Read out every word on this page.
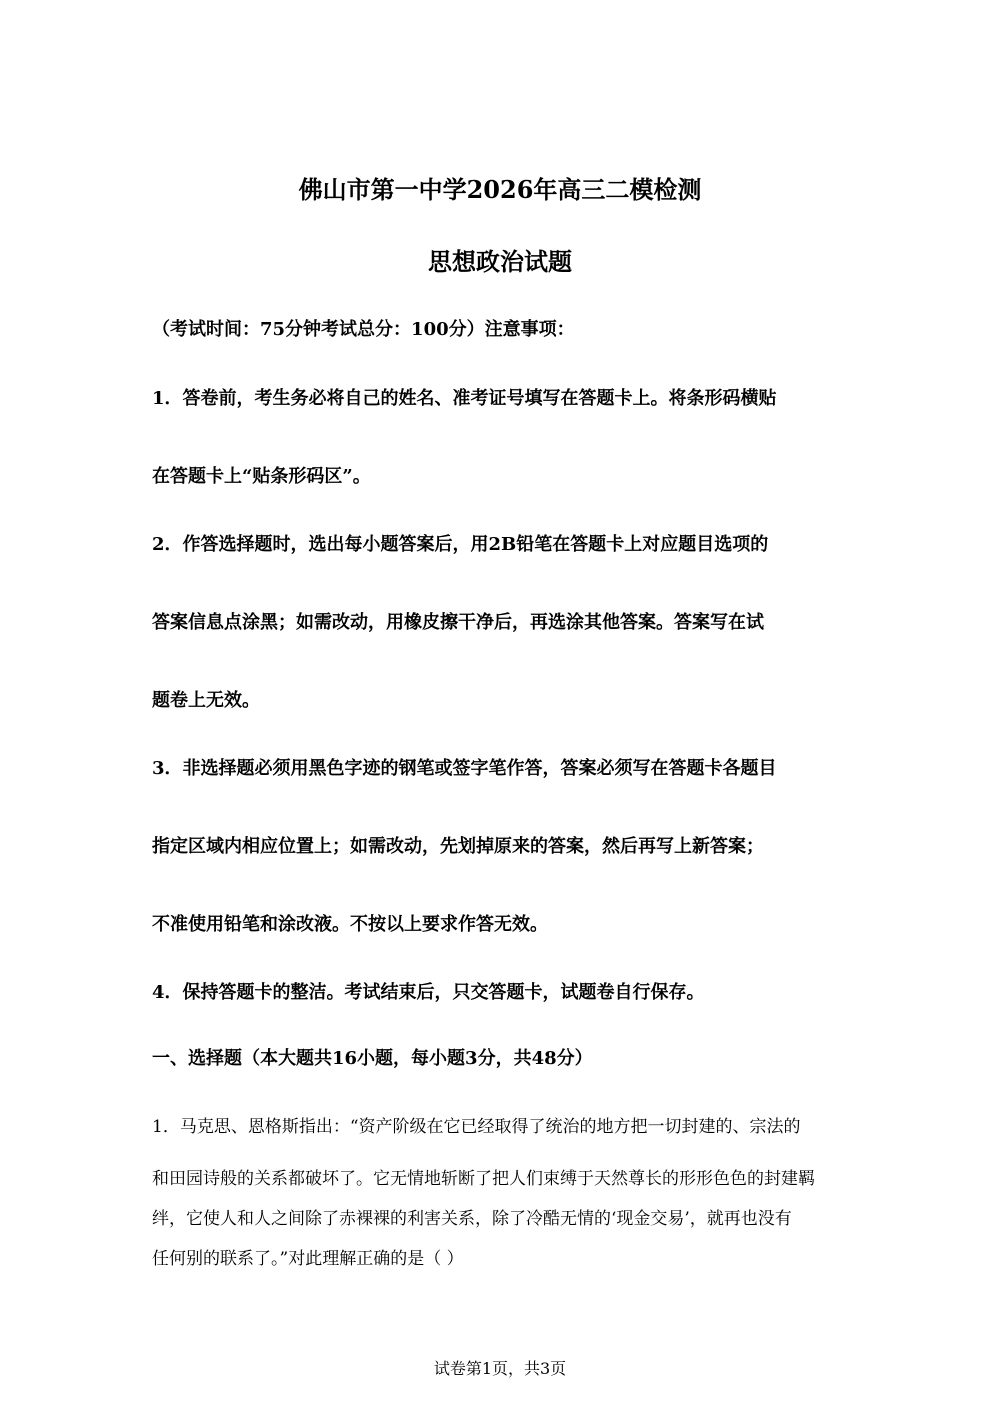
佛山市第一中学2026年高三二模检测
思想政治试题
（考试时间：75分钟考试总分：100分）注意事项：
1．答卷前，考生务必将自己的姓名、准考证号填写在答题卡上。将条形码横贴
在答题卡上“贴条形码区”。
2．作答选择题时，选出每小题答案后，用2B铅笔在答题卡上对应题目选项的
答案信息点涂黑；如需改动，用橡皮擦干净后，再选涂其他答案。答案写在试
题卷上无效。
3．非选择题必须用黑色字迹的钢笔或签字笔作答，答案必须写在答题卡各题目
指定区域内相应位置上；如需改动，先划掉原来的答案，然后再写上新答案；
不准使用铅笔和涂改液。不按以上要求作答无效。
4．保持答题卡的整洁。考试结束后，只交答题卡，试题卷自行保存。
一、选择题（本大题共16小题，每小题3分，共48分）
1．马克思、恩格斯指出：“资产阶级在它已经取得了统治的地方把一切封建的、宗法的
和田园诗般的关系都破坏了。它无情地斩断了把人们束缚于天然尊长的形形色色的封建羁
绊，它使人和人之间除了赤裸裸的利害关系，除了冷酷无情的‘现金交易’，就再也没有
任何别的联系了。”对此理解正确的是（ ）
试卷第1页，共3页
